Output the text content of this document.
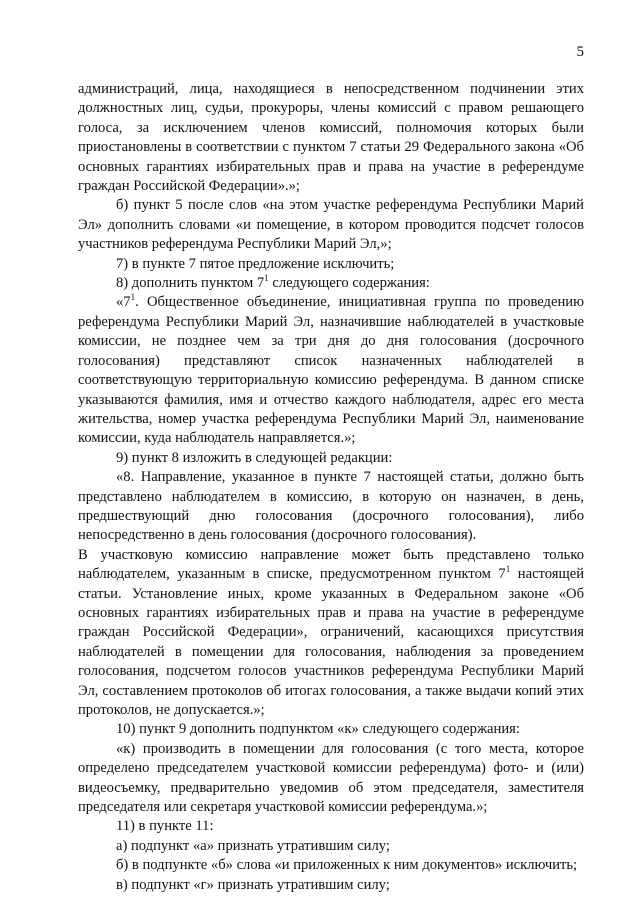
5

администраций, лица, находящиеся в непосредственном подчинении этих должностных лиц, судьи, прокуроры, члены комиссий с правом решающего голоса, за исключением членов комиссий, полномочия которых были приостановлены в соответствии с пунктом 7 статьи 29 Федерального закона «Об основных гарантиях избирательных прав и права на участие в референдуме граждан Российской Федерации».»;

б) пункт 5 после слов «на этом участке референдума Республики Марий Эл» дополнить словами «и помещение, в котором проводится подсчет голосов участников референдума Республики Марий Эл,»;

7) в пункте 7 пятое предложение исключить;

8) дополнить пунктом $7^1$ следующего содержания:

«$7^1$. Общественное объединение, инициативная группа по проведению референдума Республики Марий Эл, назначившие наблюдателей в участковые комиссии, не позднее чем за три дня до дня голосования (досрочного голосования) представляют список назначенных наблюдателей в соответствующую территориальную комиссию референдума. В данном списке указываются фамилия, имя и отчество каждого наблюдателя, адрес его места жительства, номер участка референдума Республики Марий Эл, наименование комиссии, куда наблюдатель направляется.»;

9) пункт 8 изложить в следующей редакции:

«8. Направление, указанное в пункте 7 настоящей статьи, должно быть представлено наблюдателем в комиссию, в которую он назначен, в день, предшествующий дню голосования (досрочного голосования), либо непосредственно в день голосования (досрочного голосования).

В участковую комиссию направление может быть представлено только наблюдателем, указанным в списке, предусмотренном пунктом $7^1$ настоящей статьи. Установление иных, кроме указанных в Федеральном законе «Об основных гарантиях избирательных прав и права на участие в референдуме граждан Российской Федерации», ограничений, касающихся присутствия наблюдателей в помещении для голосования, наблюдения за проведением голосования, подсчетом голосов участников референдума Республики Марий Эл, составлением протоколов об итогах голосования, а также выдачи копий этих протоколов, не допускается.»;

10) пункт 9 дополнить подпунктом «к» следующего содержания:

«к) производить в помещении для голосования (с того места, которое определено председателем участковой комиссии референдума) фото- и (или) видеосъемку, предварительно уведомив об этом председателя, заместителя председателя или секретаря участковой комиссии референдума.»;

11) в пункте 11:

а) подпункт «а» признать утратившим силу;

б) в подпункте «б» слова «и приложенных к ним документов» исключить;

в) подпункт «г» признать утратившим силу;
